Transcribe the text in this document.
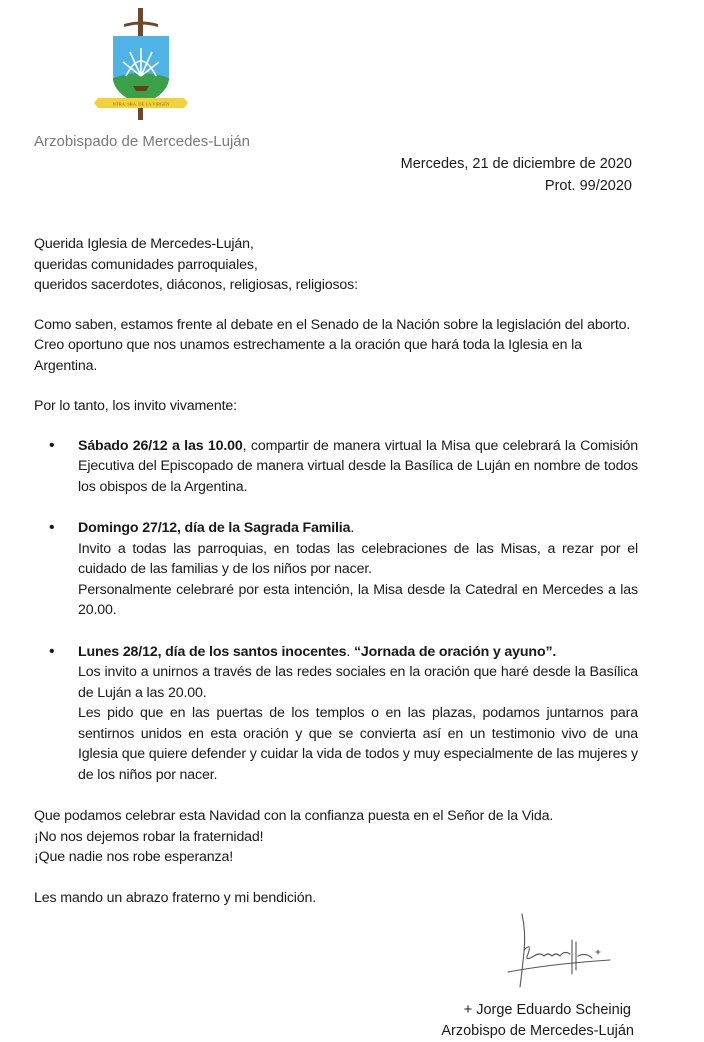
NTRA. SRA. DE LA VIRGEN
Arzobispado de Mercedes-Luján
Mercedes, 21 de diciembre de 2020
Prot. 99/2020
Querida Iglesia de Mercedes-Luján,
queridas comunidades parroquiales,
queridos sacerdotes, diáconos, religiosas, religiosos:
Como saben, estamos frente al debate en el Senado de la Nación sobre la legislación del aborto.
Creo oportuno que nos unamos estrechamente a la oración que hará toda la Iglesia en la Argentina.
Por lo tanto, los invito vivamente:
• Sábado 26/12 a las 10.00, compartir de manera virtual la Misa que celebrará la Comisión Ejecutiva del Episcopado de manera virtual desde la Basílica de Luján en nombre de todos los obispos de la Argentina.
• Domingo 27/12, día de la Sagrada Familia.
Invito a todas las parroquias, en todas las celebraciones de las Misas, a rezar por el cuidado de las familias y de los niños por nacer.
Personalmente celebraré por esta intención, la Misa desde la Catedral en Mercedes a las 20.00.
• Lunes 28/12, día de los santos inocentes. “Jornada de oración y ayuno”.
Los invito a unirnos a través de las redes sociales en la oración que haré desde la Basílica de Luján a las 20.00.
Les pido que en las puertas de los templos o en las plazas, podamos juntarnos para sentirnos unidos en esta oración y que se convierta así en un testimonio vivo de una Iglesia que quiere defender y cuidar la vida de todos y muy especialmente de las mujeres y de los niños por nacer.
Que podamos celebrar esta Navidad con la confianza puesta en el Señor de la Vida.
¡No nos dejemos robar la fraternidad!
¡Que nadie nos robe esperanza!
Les mando un abrazo fraterno y mi bendición.
+ Jorge Eduardo Scheinig
Arzobispo de Mercedes-Luján
